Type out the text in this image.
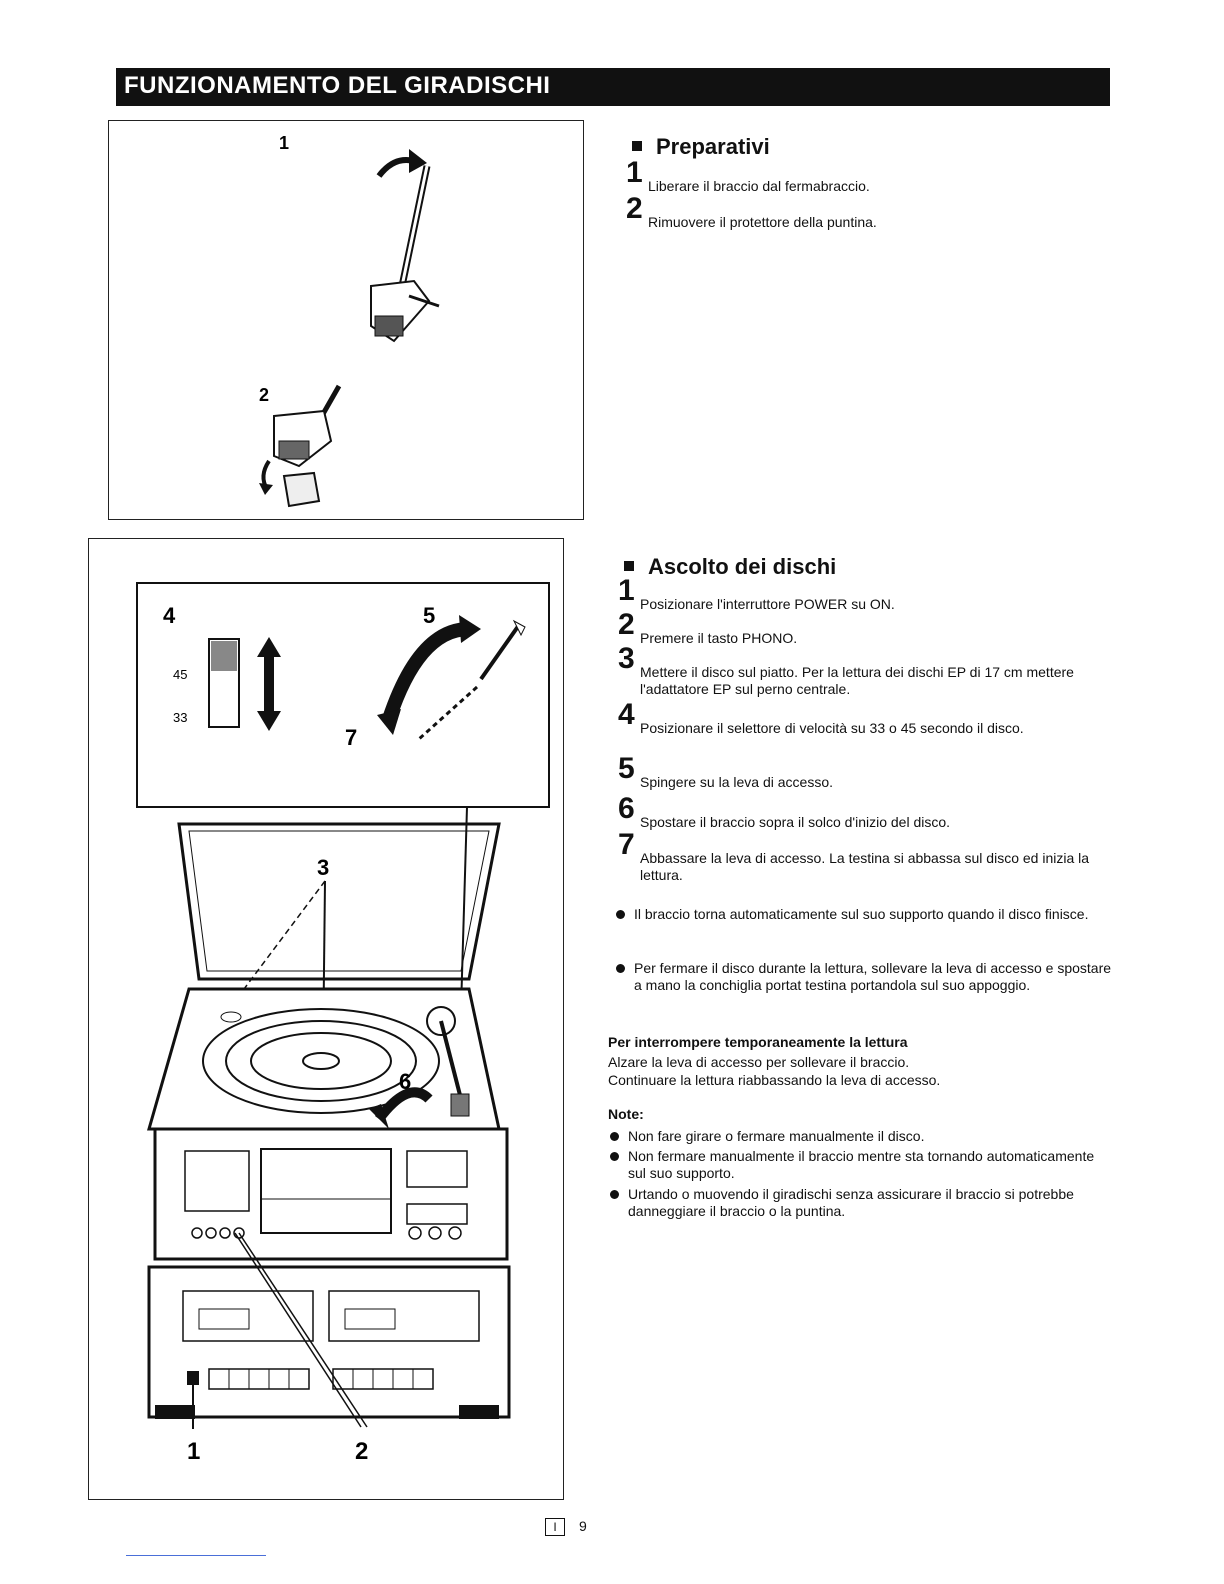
FUNZIONAMENTO DEL GIRADISCHI
1
2
4	5
7
45
33
3
6
1	2
Preparativi
1 Liberare il braccio dal fermabraccio.
2 Rimuovere il protettore della puntina.
Ascolto dei dischi
1 Posizionare l'interruttore POWER su ON.
2 Premere il tasto PHONO.
3 Mettere il disco sul piatto. Per la lettura dei dischi EP di 17 cm mettere l'adattatore EP sul perno centrale.
4 Posizionare il selettore di velocità su 33 o 45 secondo il disco.
5 Spingere su la leva di accesso.
6 Spostare il braccio sopra il solco d'inizio del disco.
7 Abbassare la leva di accesso. La testina si abbassa sul disco ed inizia la lettura.
Il braccio torna automaticamente sul suo supporto quando il disco finisce.
Per fermare il disco durante la lettura, sollevare la leva di accesso e spostare a mano la conchiglia portat testina portandola sul suo appoggio.
Per interrompere temporaneamente la lettura
Alzare la leva di accesso per sollevare il braccio.
Continuare la lettura riabbassando la leva di accesso.
Note:
Non fare girare o fermare manualmente il disco.
Non fermare manualmente il braccio mentre sta tornando automaticamente sul suo supporto.
Urtando o muovendo il giradischi senza assicurare il braccio si potrebbe danneggiare il braccio o la puntina.
I 9
